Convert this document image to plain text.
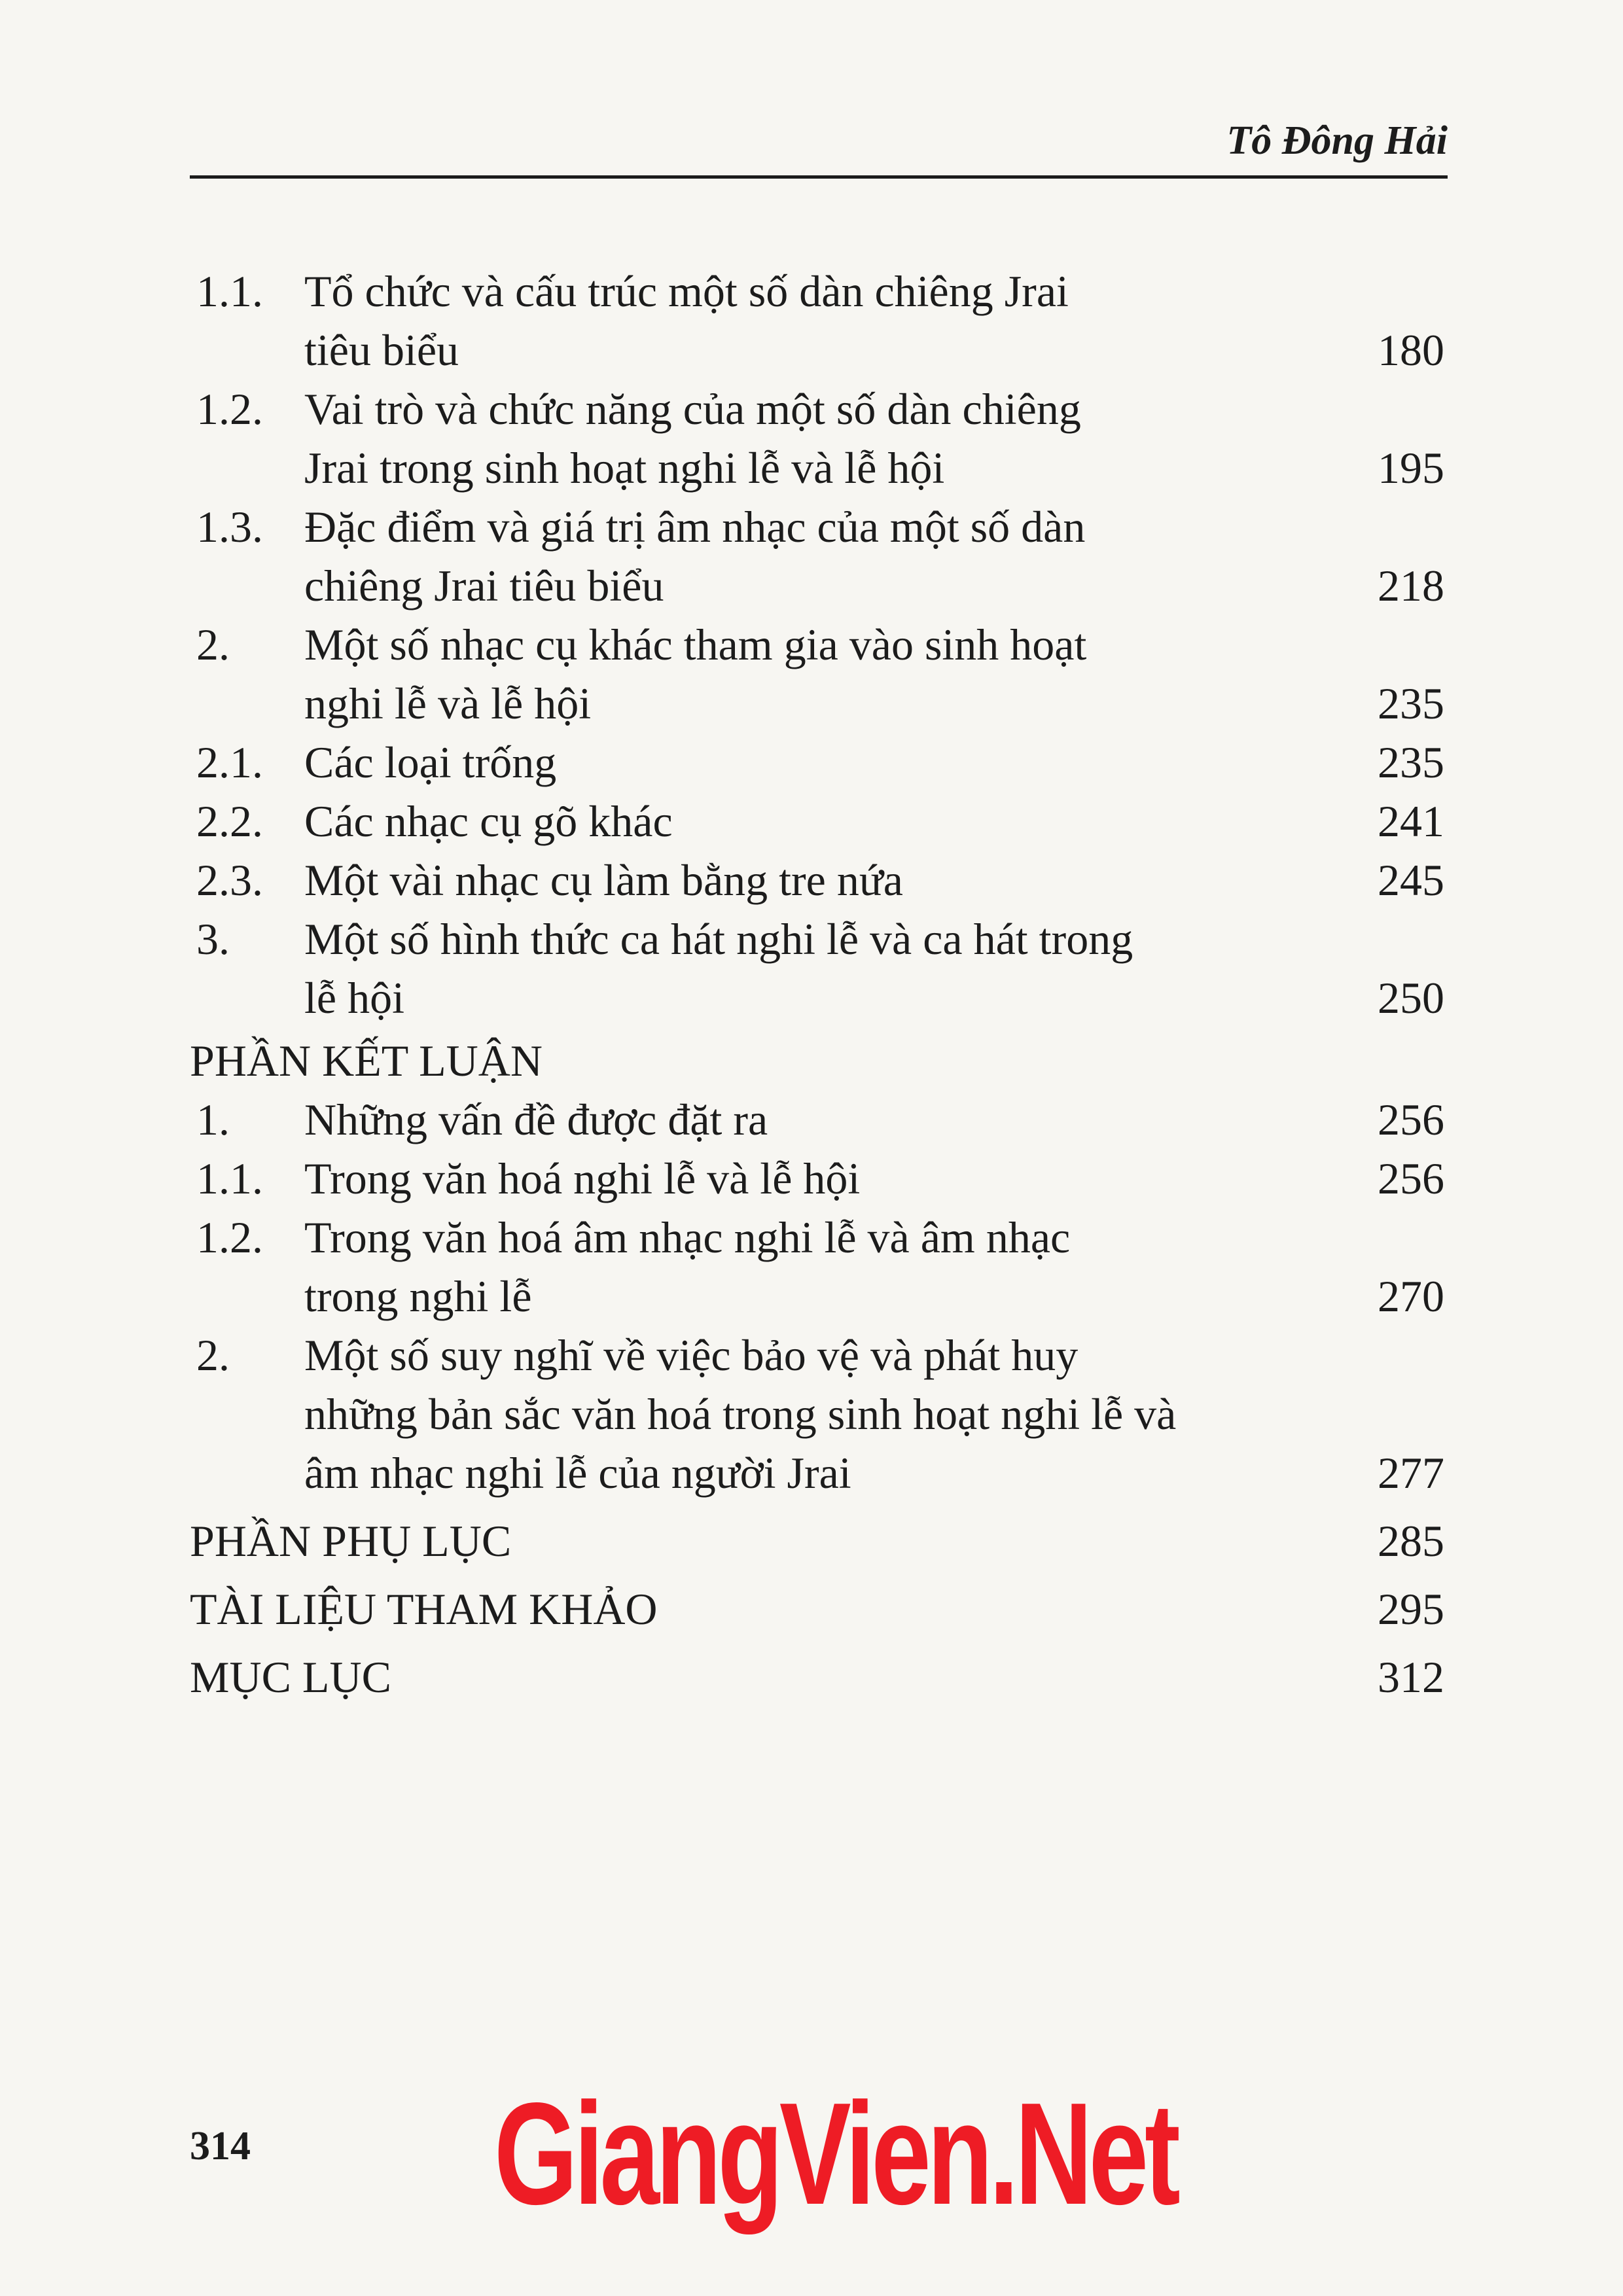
Tô Đông Hải
1.1. Tổ chức và cấu trúc một số dàn chiêng Jrai
tiêu biểu	180
1.2. Vai trò và chức năng của một số dàn chiêng
Jrai trong sinh hoạt nghi lễ và lễ hội	195
1.3. Đặc điểm và giá trị âm nhạc của một số dàn
chiêng Jrai tiêu biểu	218
2. Một số nhạc cụ khác tham gia vào sinh hoạt
nghi lễ và lễ hội	235
2.1. Các loại trống	235
2.2. Các nhạc cụ gõ khác	241
2.3. Một vài nhạc cụ làm bằng tre nứa	245
3. Một số hình thức ca hát nghi lễ và ca hát trong
lễ hội	250
PHẦN KẾT LUẬN
1. Những vấn đề được đặt ra	256
1.1. Trong văn hoá nghi lễ và lễ hội	256
1.2. Trong văn hoá âm nhạc nghi lễ và âm nhạc
trong nghi lễ	270
2. Một số suy nghĩ về việc bảo vệ và phát huy
những bản sắc văn hoá trong sinh hoạt nghi lễ và
âm nhạc nghi lễ của người Jrai	277
PHẦN PHỤ LỤC	285
TÀI LIỆU THAM KHẢO	295
MỤC LỤC	312
314 GiangVien.Net
